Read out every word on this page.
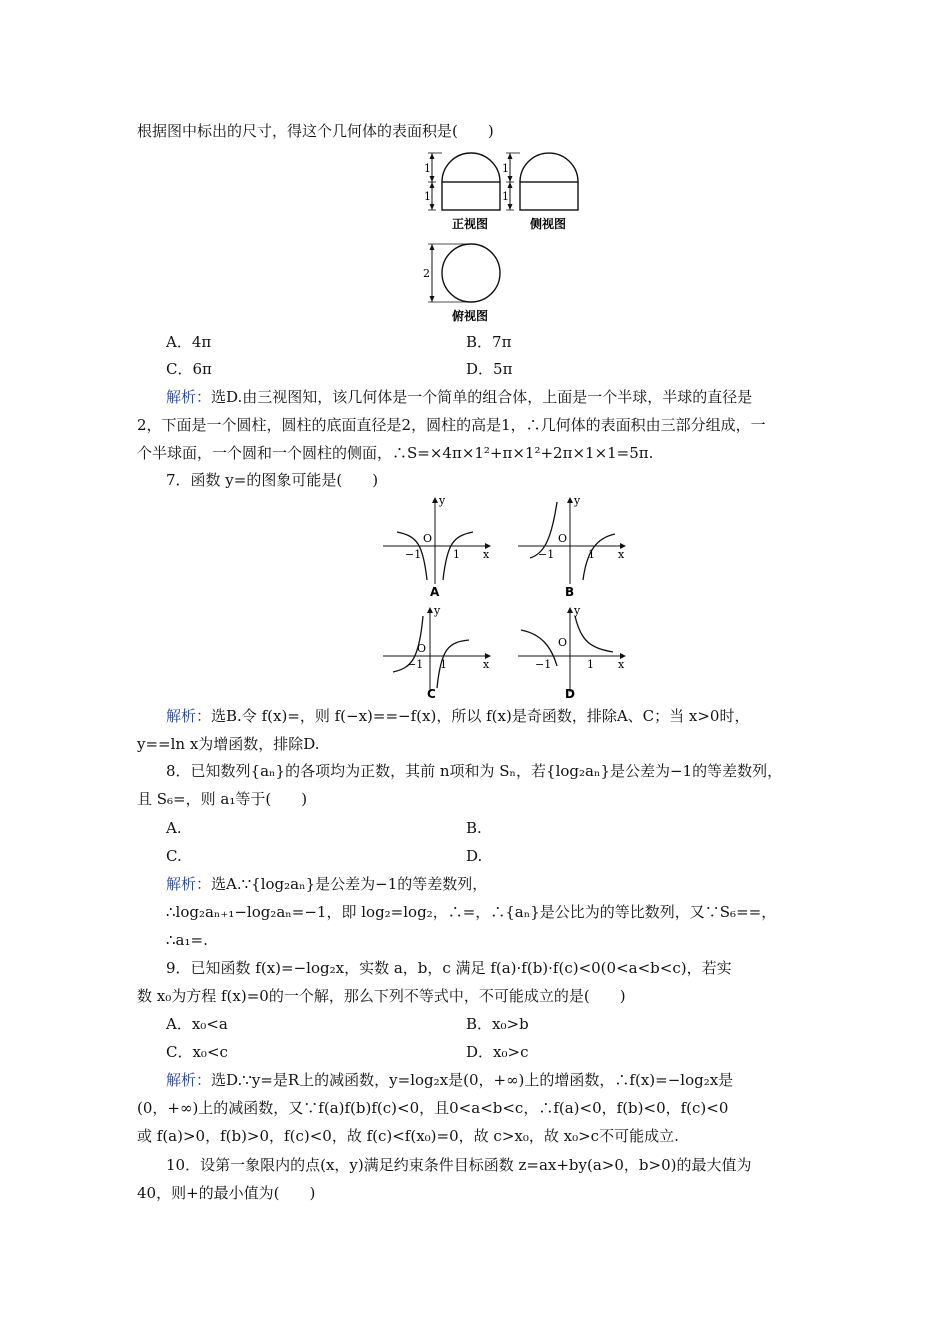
根据图中标出的尺寸，得这个几何体的表面积是(　　)
1
1
1
1
2
正视图	侧视图
俯视图
A．4π	B．7π
C．6π	D．5π
解析：选D.由三视图知，该几何体是一个简单的组合体，上面是一个半球，半球的直径是
2，下面是一个圆柱，圆柱的底面直径是2，圆柱的高是1，∴几何体的表面积由三部分组成，一
个半球面，一个圆和一个圆柱的侧面，∴S=×4π×1²+π×1²+2π×1×1=5π.
7．函数 y=的图象可能是(　　)
y
x
O
−1	1
A
y
x
O
−1	1
B
y
x
O
−1 1
C
y
x
O
−1	1
D
解析：选B.令 f(x)=，则 f(−x)==−f(x)，所以 f(x)是奇函数，排除A、C；当 x>0时，
y==ln x为增函数，排除D.
8．已知数列{aₙ}的各项均为正数，其前 n项和为 Sₙ，若{log₂aₙ}是公差为−1的等差数列，
且 S₆=，则 a₁等于(　　)
A.	B.
C.	D.
解析：选A.∵{log₂aₙ}是公差为−1的等差数列，
∴log₂aₙ₊₁−log₂aₙ=−1，即 log₂=log₂，∴=，∴{aₙ}是公比为的等比数列，又∵S₆==，
∴a₁=.
9．已知函数 f(x)=−log₂x，实数 a，b，c 满足 f(a)·f(b)·f(c)<0(0<a<b<c)，若实
数 x₀为方程 f(x)=0的一个解，那么下列不等式中，不可能成立的是(　　)
A．x₀<a	B．x₀>b
C．x₀<c	D．x₀>c
解析：选D.∵y=是R上的减函数，y=log₂x是(0，+∞)上的增函数，∴f(x)=−log₂x是
(0，+∞)上的减函数，又∵f(a)f(b)f(c)<0，且0<a<b<c，∴f(a)<0，f(b)<0，f(c)<0
或 f(a)>0，f(b)>0，f(c)<0，故 f(c)<f(x₀)=0，故 c>x₀，故 x₀>c不可能成立.
10．设第一象限内的点(x，y)满足约束条件目标函数 z=ax+by(a>0，b>0)的最大值为
40，则+的最小值为(　　)
